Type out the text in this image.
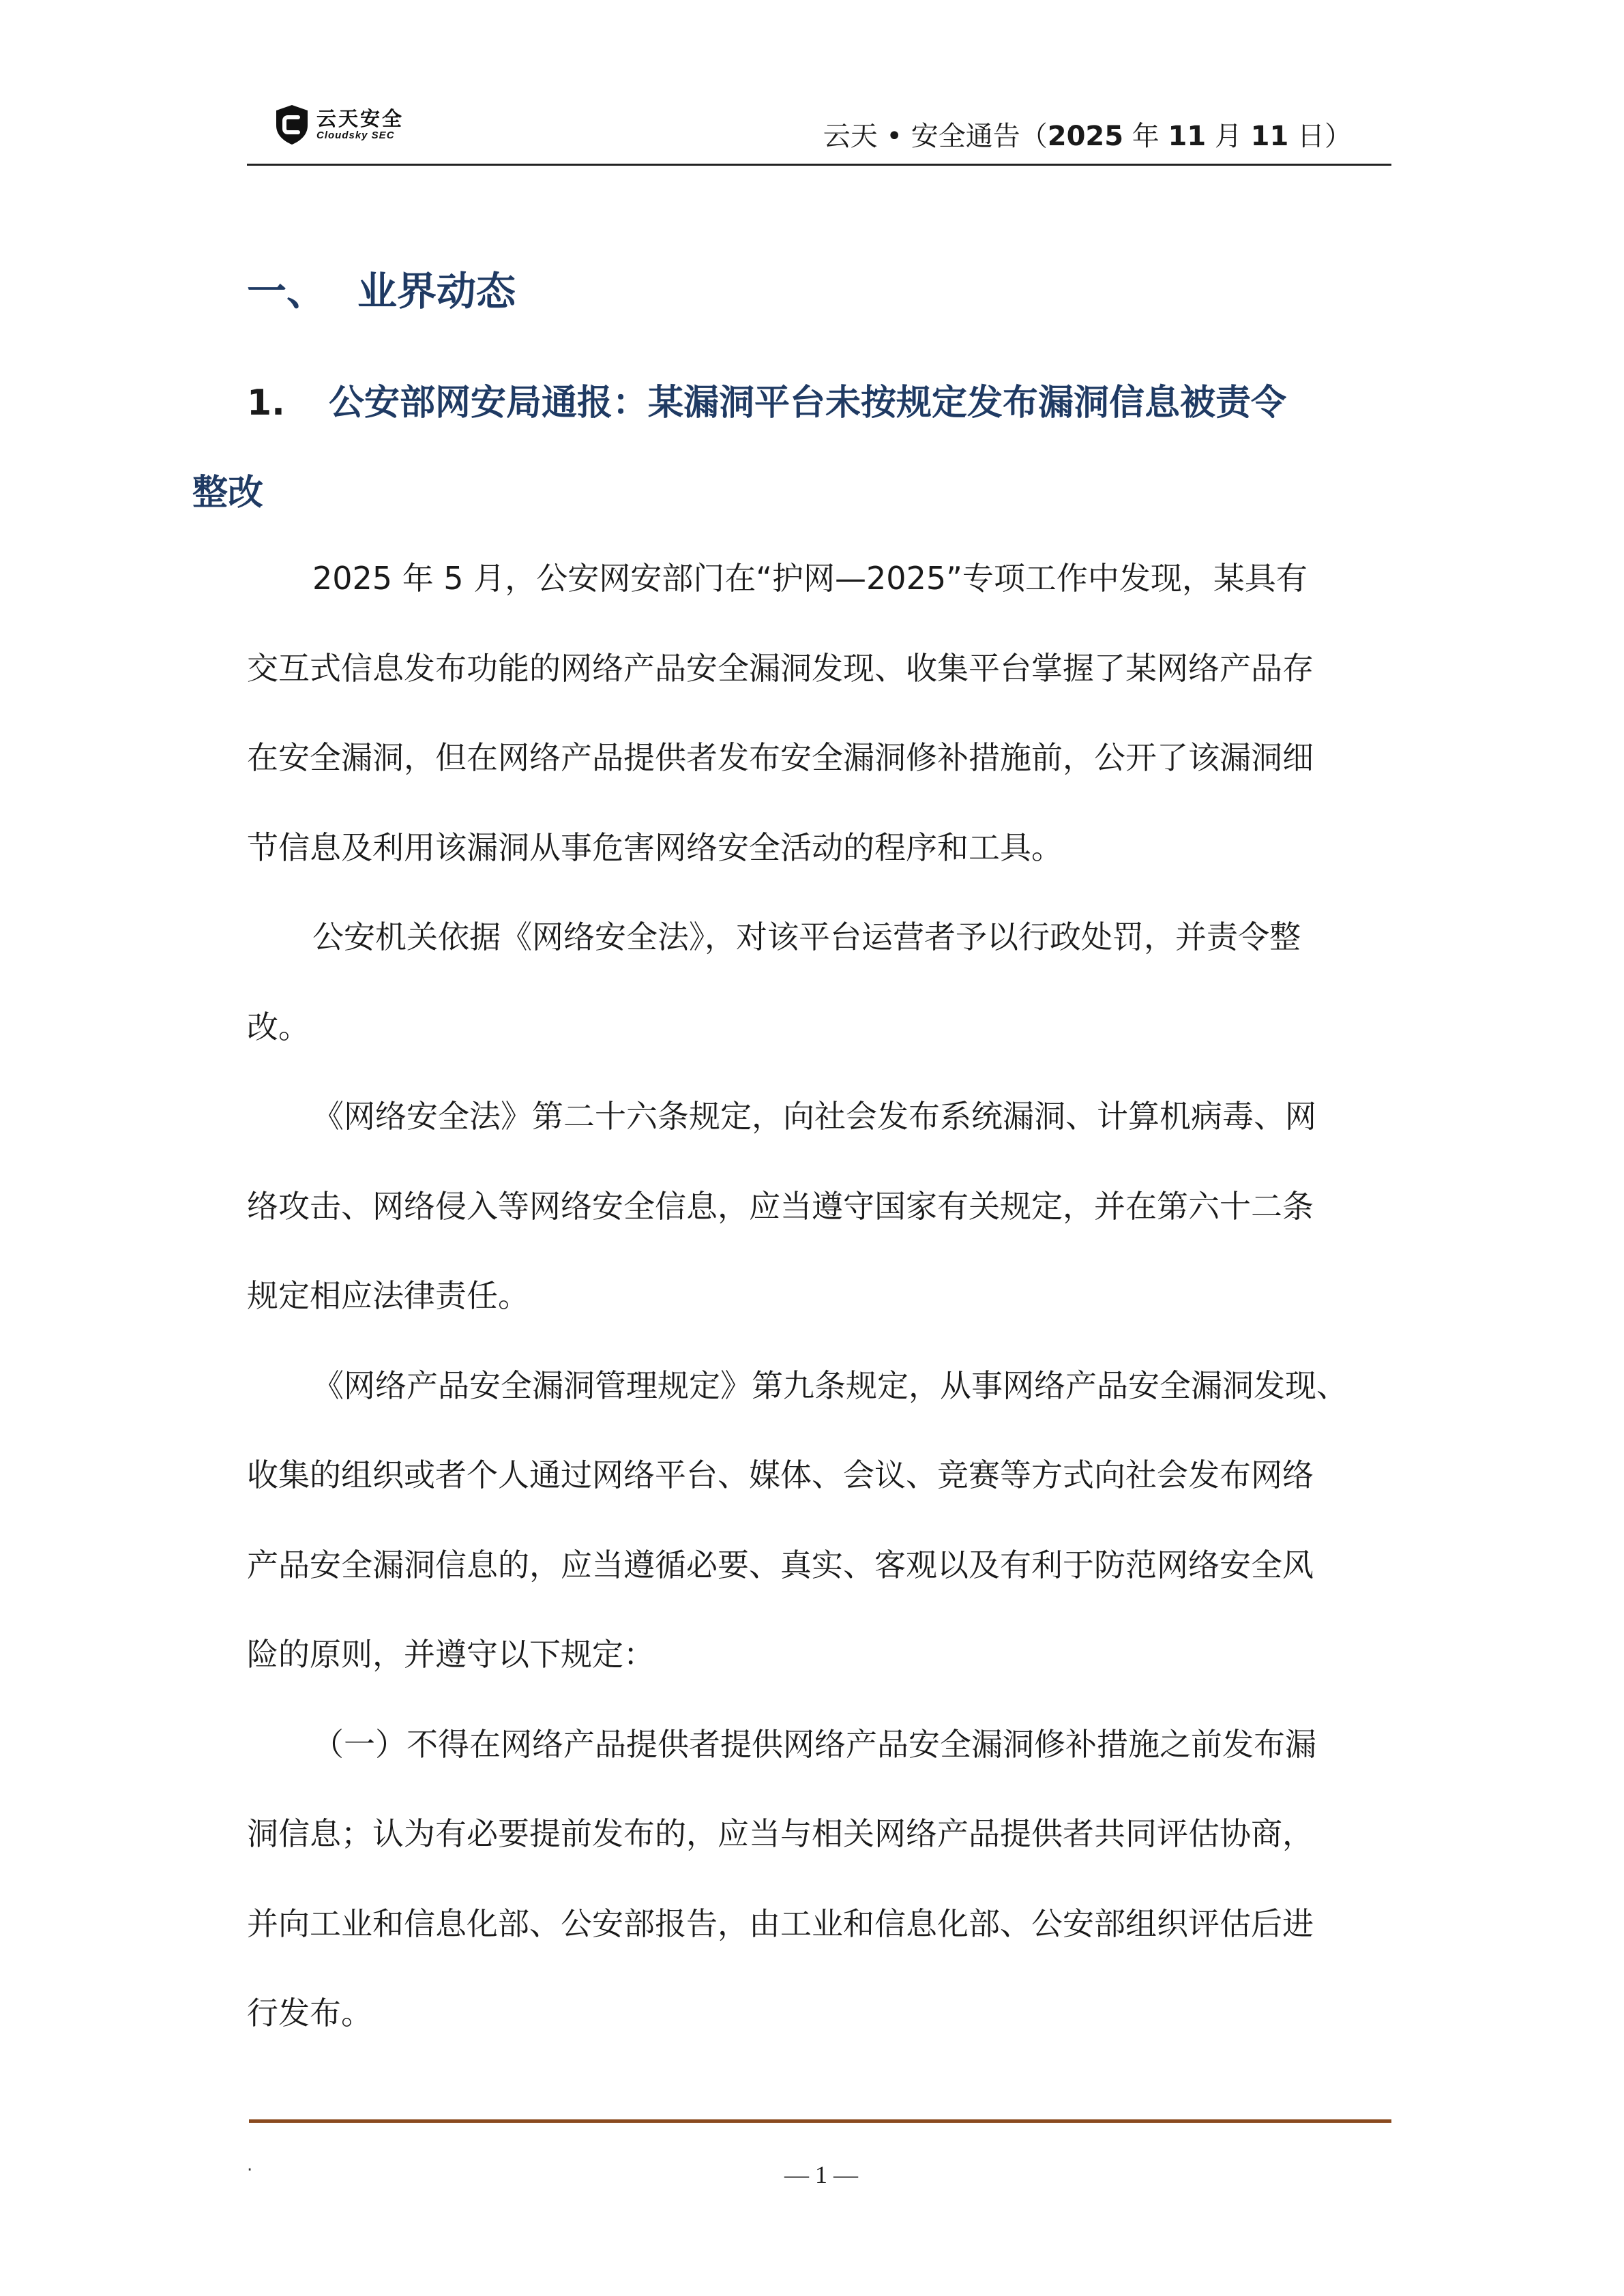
云天安全
Cloudsky SEC	云天 • 安全通告（2025 年 11 月 11 日）
一、 业界动态
1. 公安部网安局通报：某漏洞平台未按规定发布漏洞信息被责令
整改
2025 年 5 月，公安网安部门在“护网—2025”专项工作中发现，某具有
交互式信息发布功能的网络产品安全漏洞发现、收集平台掌握了某网络产品存
在安全漏洞，但在网络产品提供者发布安全漏洞修补措施前，公开了该漏洞细
节信息及利用该漏洞从事危害网络安全活动的程序和工具。
公安机关依据《网络安全法》，对该平台运营者予以行政处罚，并责令整
改。
《网络安全法》第二十六条规定，向社会发布系统漏洞、计算机病毒、网
络攻击、网络侵入等网络安全信息，应当遵守国家有关规定，并在第六十二条
规定相应法律责任。
《网络产品安全漏洞管理规定》第九条规定，从事网络产品安全漏洞发现、
收集的组织或者个人通过网络平台、媒体、会议、竞赛等方式向社会发布网络
产品安全漏洞信息的，应当遵循必要、真实、客观以及有利于防范网络安全风
险的原则，并遵守以下规定：
（一）不得在网络产品提供者提供网络产品安全漏洞修补措施之前发布漏
洞信息；认为有必要提前发布的，应当与相关网络产品提供者共同评估协商，
并向工业和信息化部、公安部报告，由工业和信息化部、公安部组织评估后进
行发布。
.	— 1 —
